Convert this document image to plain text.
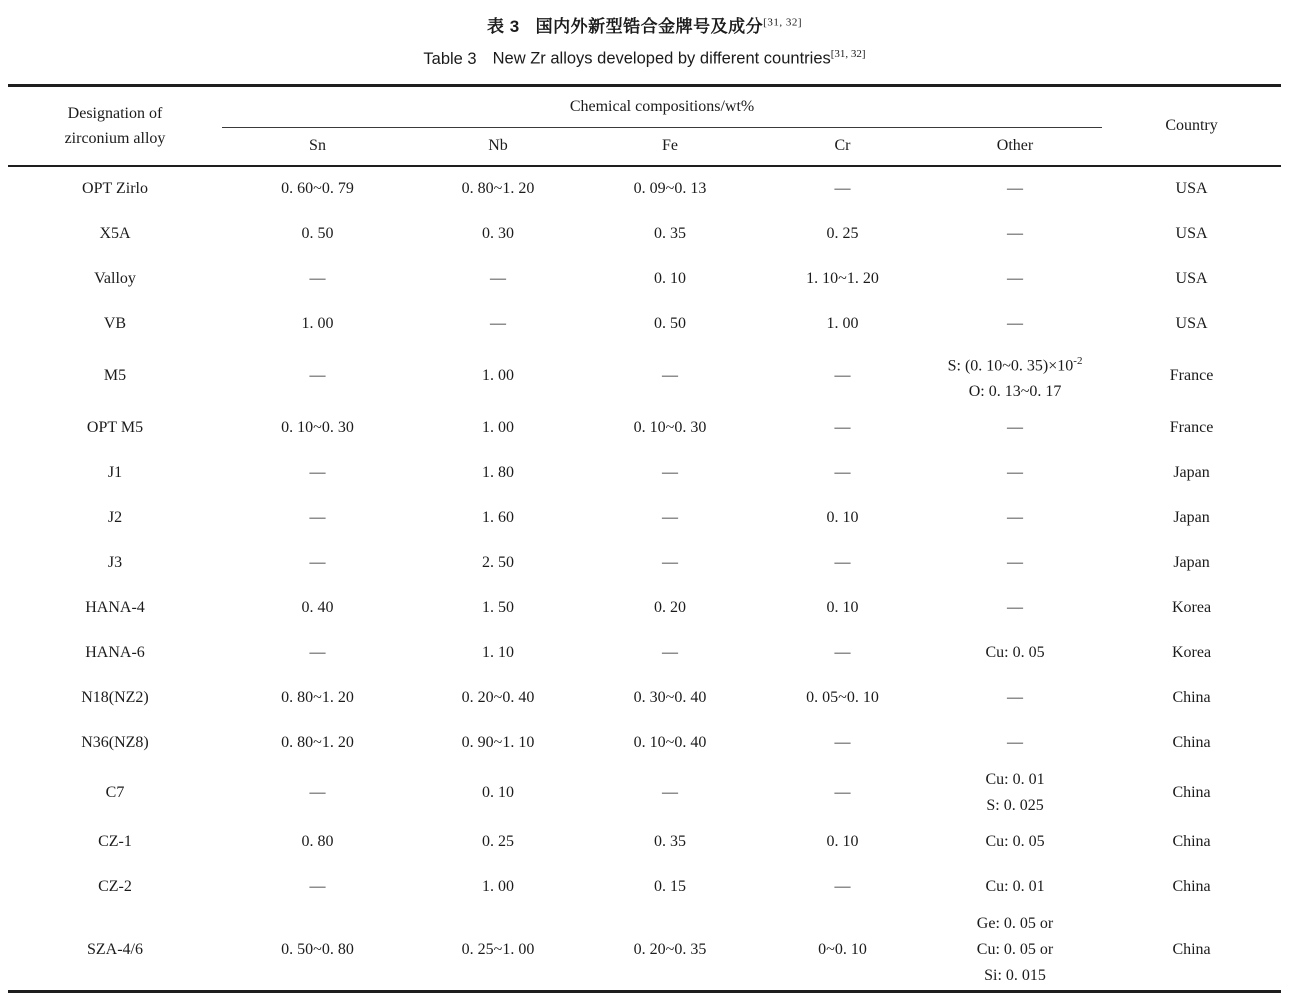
表 3 国内外新型锆合金牌号及成分[31, 32]
Table 3 New Zr alloys developed by different countries[31, 32]
Designation of
zirconium alloy	Chemical compositions/wt%					Country
	Sn	Nb	Fe	Cr	Other	
OPT Zirlo	0. 60~0. 79	0. 80~1. 20	0. 09~0. 13	—	—	USA
X5A	0. 50	0. 30	0. 35	0. 25	—	USA
Valloy	—	—	0. 10	1. 10~1. 20	—	USA
VB	1. 00	—	0. 50	1. 00	—	USA
M5	—	1. 00	—	—	S: (0. 10~0. $35)\times 10^{-2}$
O: 0. 13~0. 17	France
OPT M5	0. 10~0. 30	1. 00	0. 10~0. 30	—	—	France
J1	—	1. 80	—	—	—	Japan
J2	—	1. 60	—	0. 10	—	Japan
J3	—	2. 50	—	—	—	Japan
HANA-4	0. 40	1. 50	0. 20	0. 10	—	Korea
HANA-6	—	1. 10	—	—	Cu: 0. 05	Korea
N18(NZ2)	0. 80~1. 20	0. 20~0. 40	0. 30~0. 40	0. 05~0. 10	—	China
N36(NZ8)	0. 80~1. 20	0. 90~1. 10	0. 10~0. 40	—	—	China
C7	—	0. 10	—	—	Cu: 0. 01
S: 0. 025	China
CZ-1	0. 80	0. 25	0. 35	0. 10	Cu: 0. 05	China
CZ-2	—	1. 00	0. 15	—	Cu: 0. 01	China
SZA-4/6	0. 50~0. 80	0. 25~1. 00	0. 20~0. 35	0~0. 10	Ge: 0. 05 or
Cu: 0. 05 or
Si: 0. 015	China
